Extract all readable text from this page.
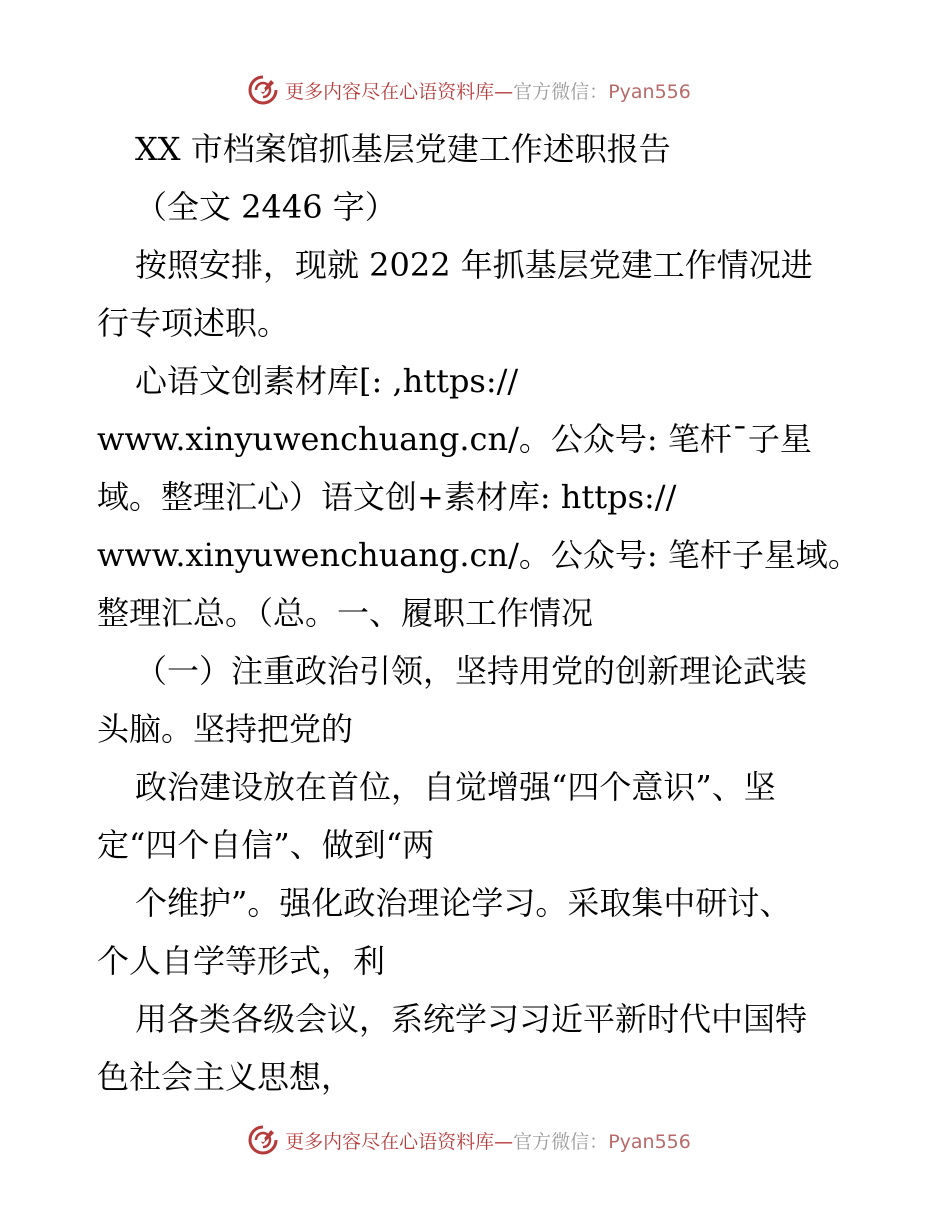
更多内容尽在心语资料库—官方微信：Pyan556
XX 市档案馆抓基层党建工作述职报告
（全文 2446 字）
按照安排，现就 2022 年抓基层党建工作情况进
行专项述职。
心语文创素材库[: ,https://
www.xinyuwenchuang.cn/。公众号: 笔杆¯子星
域。整理汇心）语文创+素材库: https://
www.xinyuwenchuang.cn/。公众号: 笔杆子星域。
整理汇总。（总。一、履职工作情况
（一）注重政治引领，坚持用党的创新理论武装
头脑。坚持把党的
政治建设放在首位，自觉增强“四个意识”、坚
定“四个自信”、做到“两
个维护”。强化政治理论学习。采取集中研讨、
个人自学等形式，利
用各类各级会议，系统学习习近平新时代中国特
色社会主义思想，
更多内容尽在心语资料库—官方微信：Pyan556
